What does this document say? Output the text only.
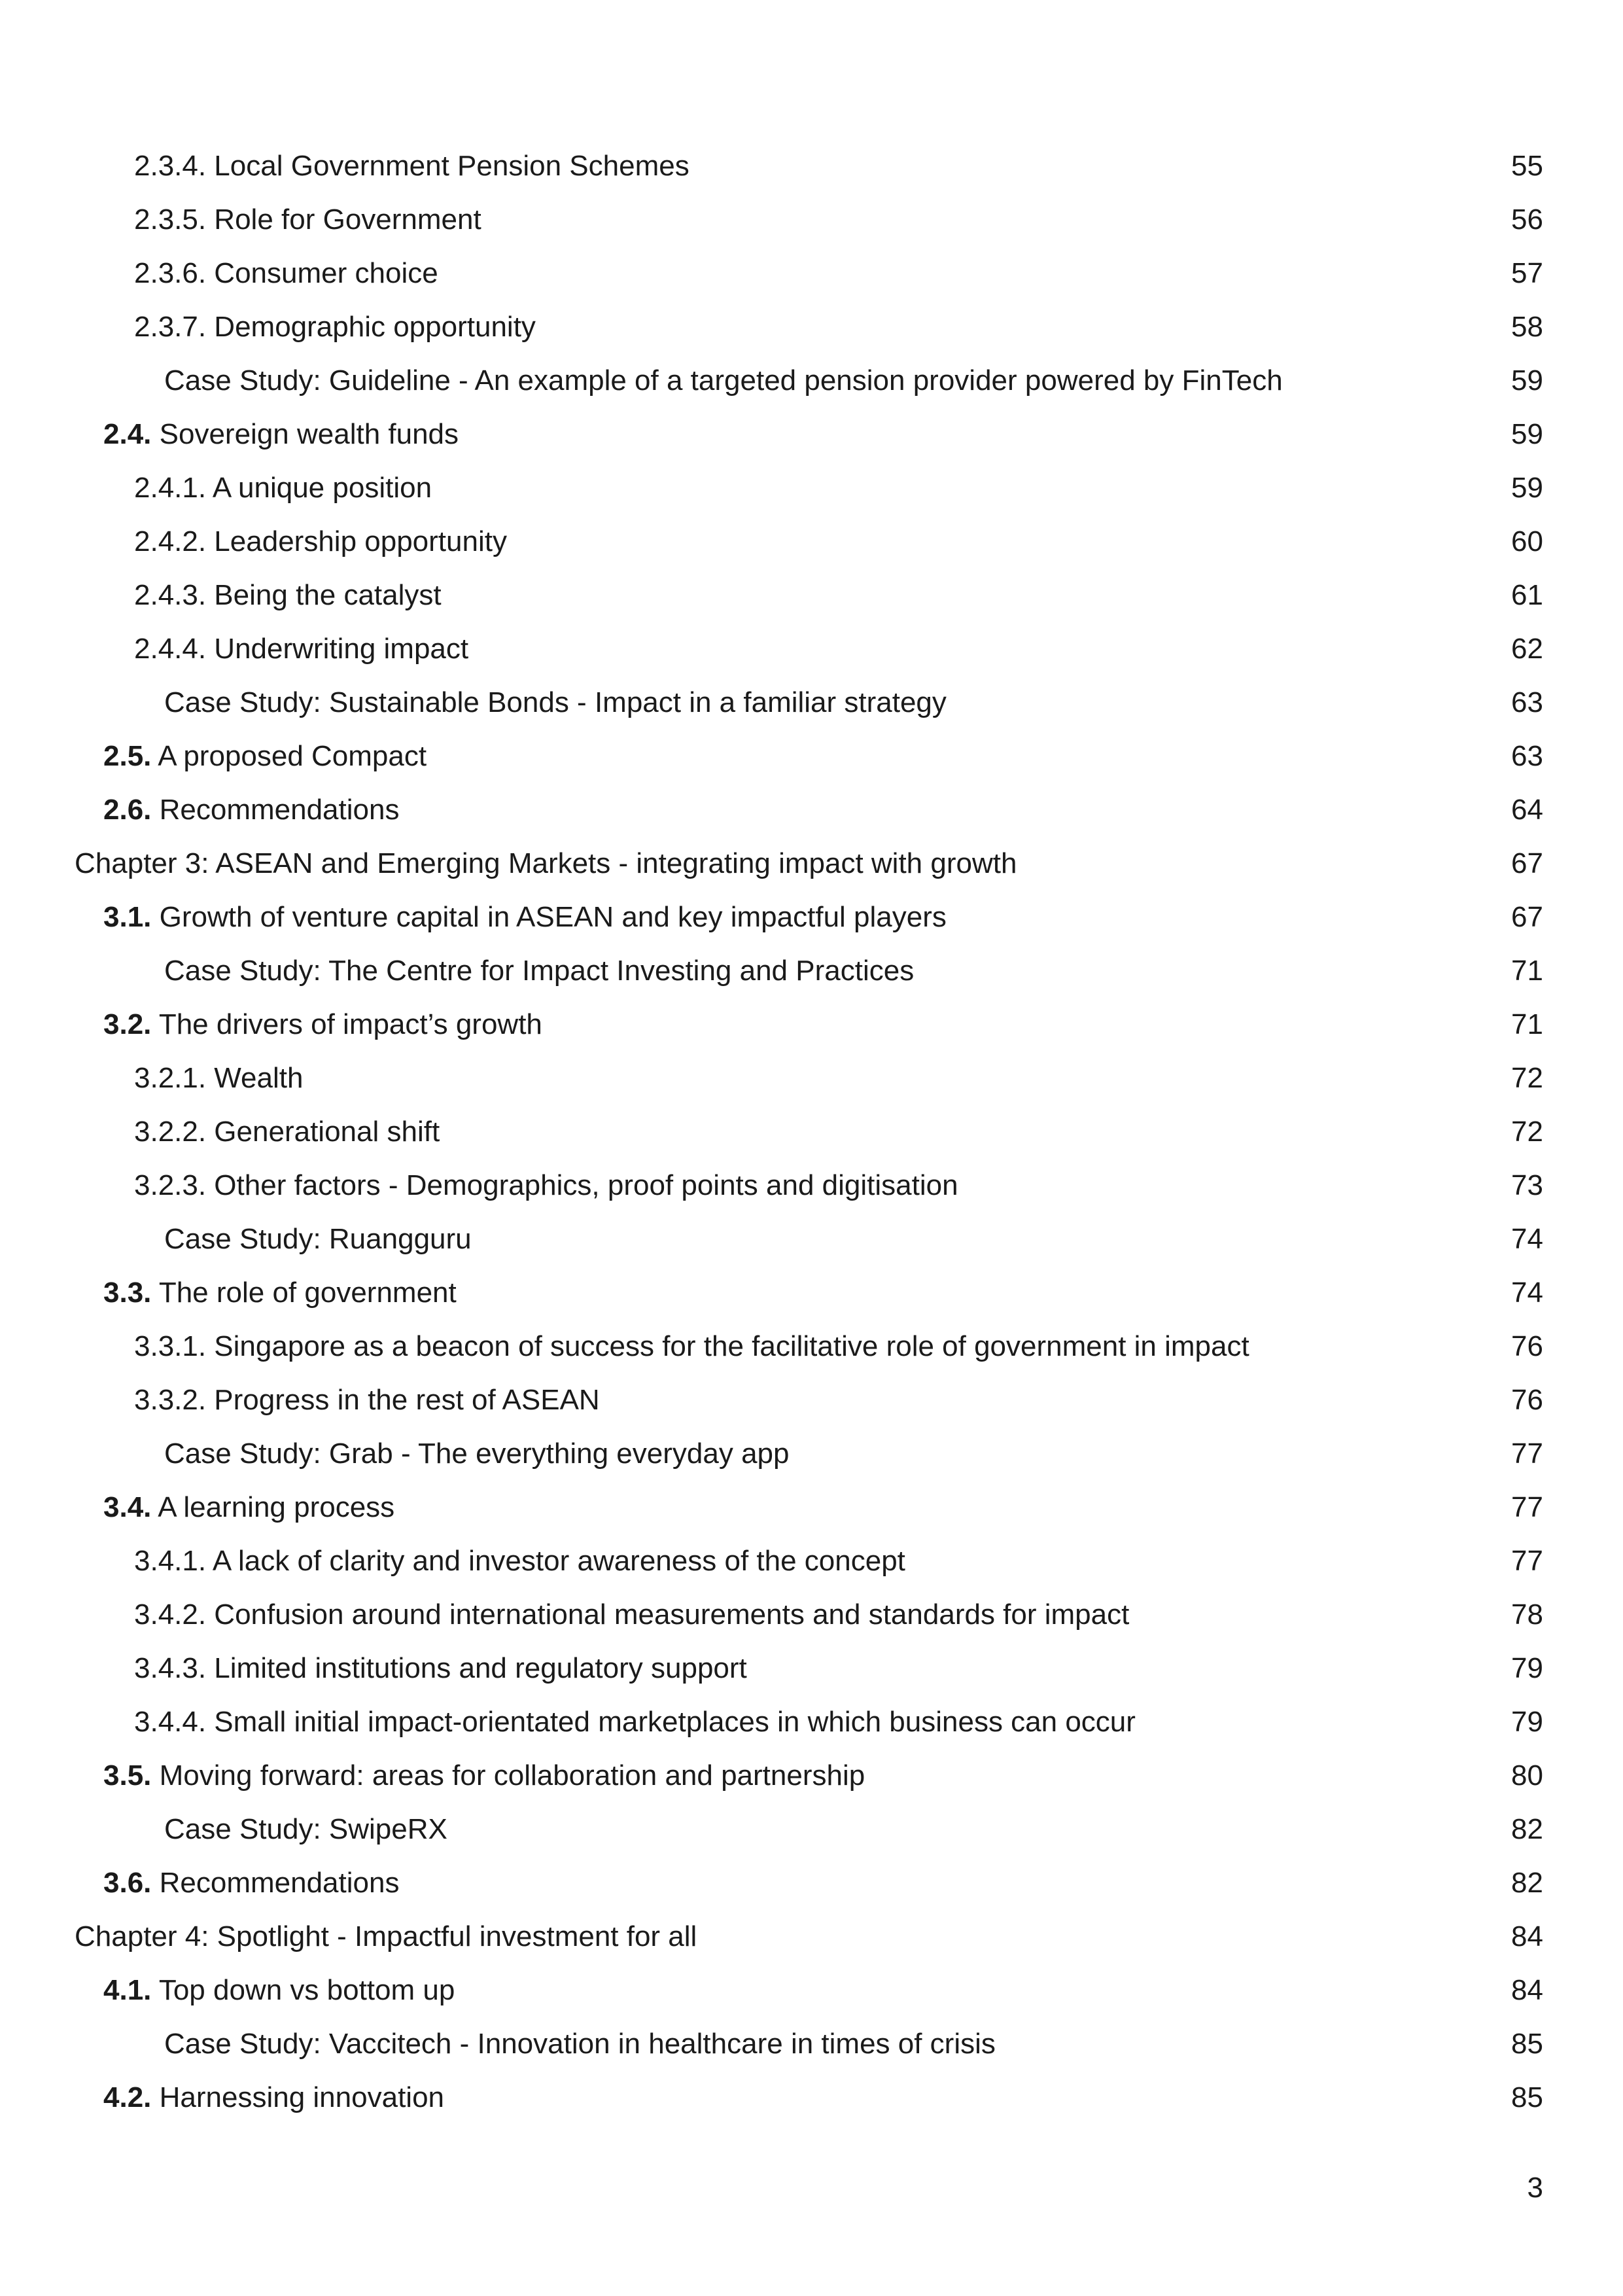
2.3.4. Local Government Pension Schemes	55
2.3.5. Role for Government	56
2.3.6. Consumer choice	57
2.3.7. Demographic opportunity	58
Case Study: Guideline - An example of a targeted pension provider powered by FinTech	59
2.4. Sovereign wealth funds	59
2.4.1. A unique position	59
2.4.2. Leadership opportunity	60
2.4.3. Being the catalyst	61
2.4.4. Underwriting impact	62
Case Study: Sustainable Bonds - Impact in a familiar strategy	63
2.5. A proposed Compact	63
2.6. Recommendations	64
Chapter 3: ASEAN and Emerging Markets - integrating impact with growth	67
3.1. Growth of venture capital in ASEAN and key impactful players	67
Case Study: The Centre for Impact Investing and Practices	71
3.2. The drivers of impact’s growth	71
3.2.1. Wealth	72
3.2.2. Generational shift	72
3.2.3. Other factors - Demographics, proof points and digitisation	73
Case Study: Ruangguru	74
3.3. The role of government	74
3.3.1. Singapore as a beacon of success for the facilitative role of government in impact	76
3.3.2. Progress in the rest of ASEAN	76
Case Study: Grab - The everything everyday app	77
3.4. A learning process	77
3.4.1. A lack of clarity and investor awareness of the concept	77
3.4.2. Confusion around international measurements and standards for impact	78
3.4.3. Limited institutions and regulatory support	79
3.4.4. Small initial impact-orientated marketplaces in which business can occur	79
3.5. Moving forward: areas for collaboration and partnership	80
Case Study: SwipeRX	82
3.6. Recommendations	82
Chapter 4: Spotlight - Impactful investment for all	84
4.1. Top down vs bottom up	84
Case Study: Vaccitech - Innovation in healthcare in times of crisis	85
4.2. Harnessing innovation	85
3
